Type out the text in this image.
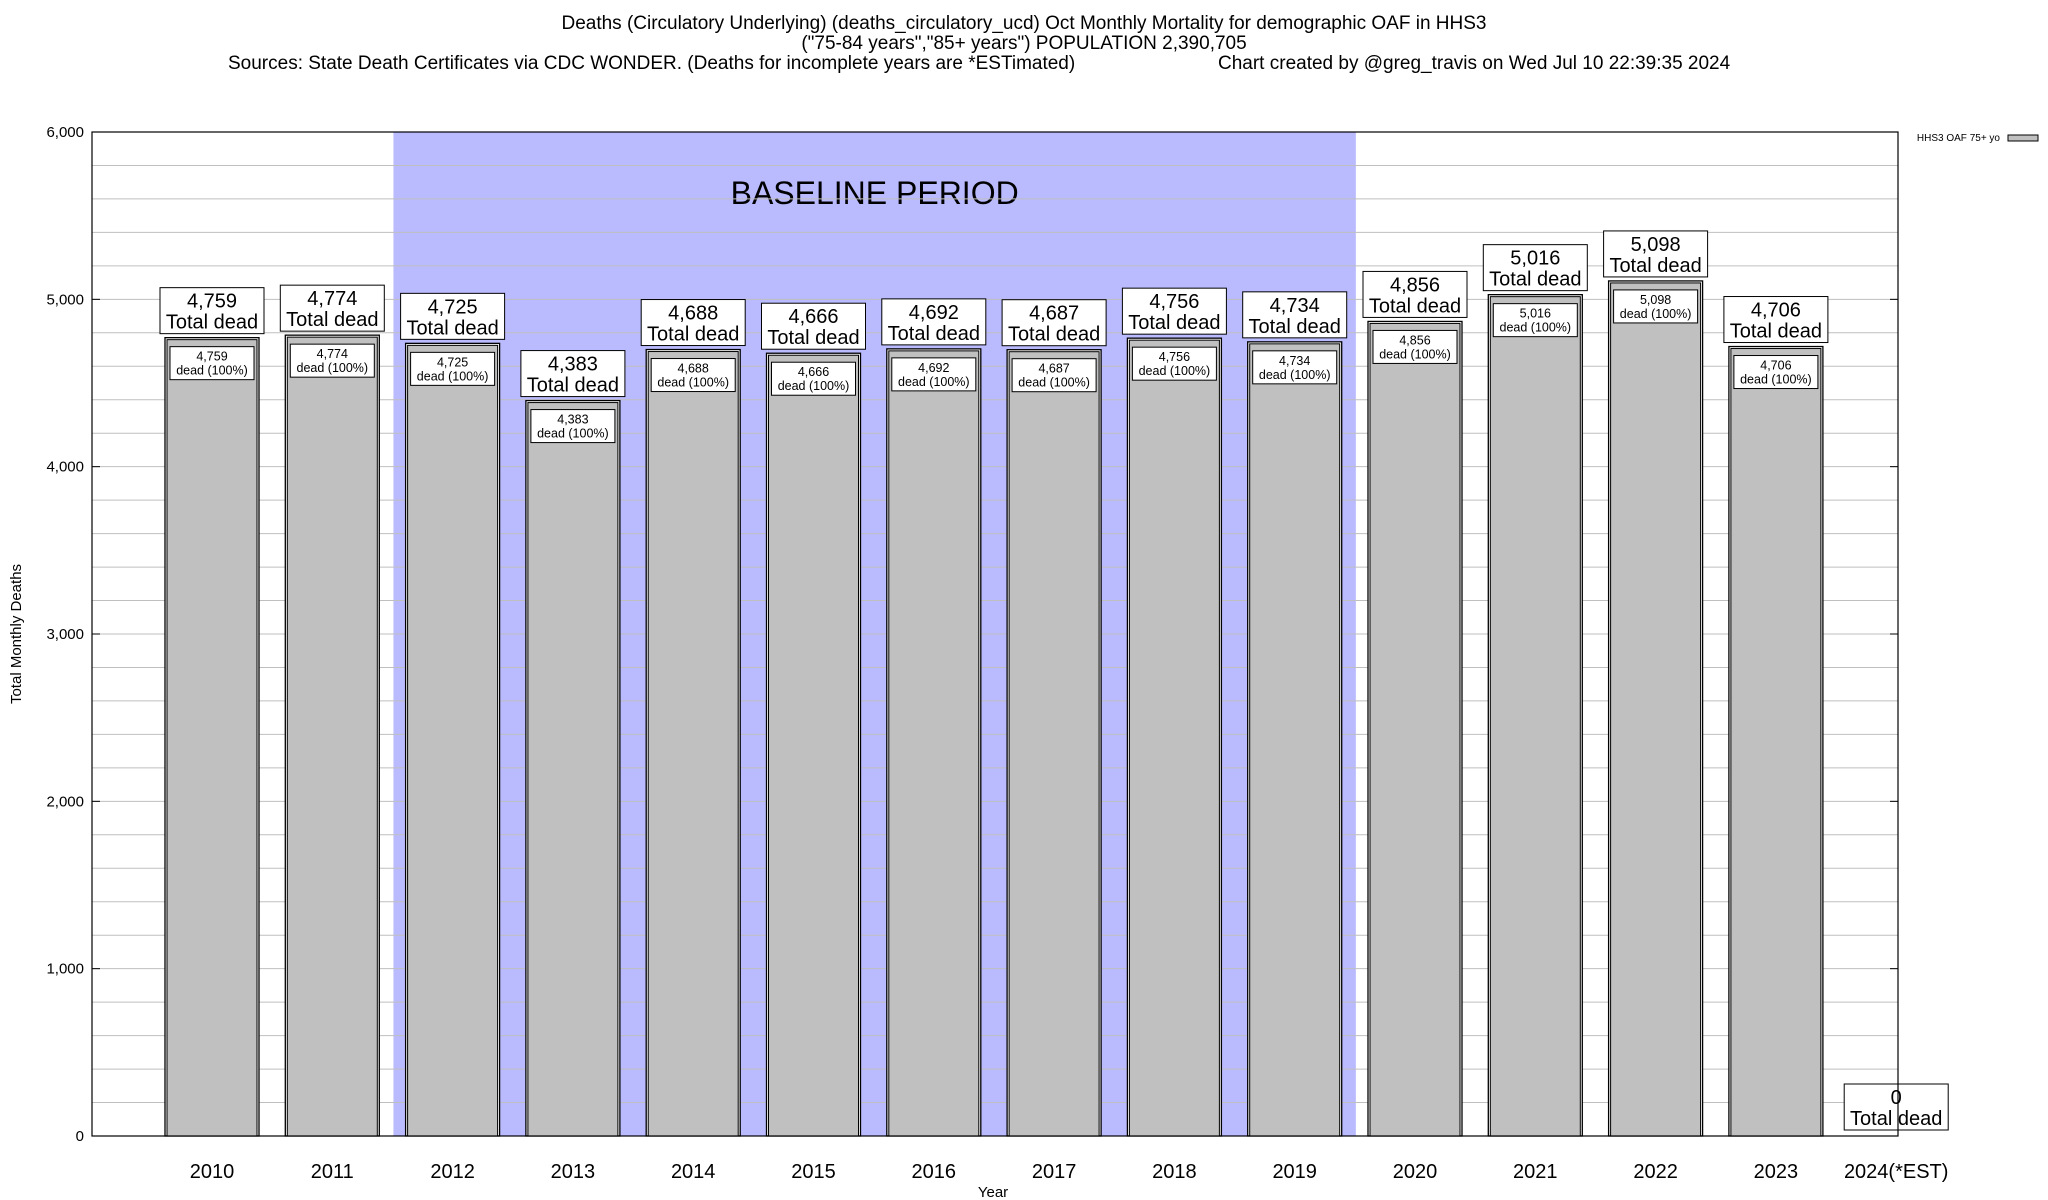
Deaths (Circulatory Underlying) (deaths_circulatory_ucd) Oct Monthly Mortality for demographic OAF in HHS3
("75-84 years","85+ years") POPULATION 2,390,705
Sources: State Death Certificates via CDC WONDER. (Deaths for incomplete years are *ESTimated)	Chart created by @greg_travis on Wed Jul 10 22:39:35 2024
BASELINE PERIOD
4,759
dead (100%)
4,759
Total dead
4,774
dead (100%)
4,774
Total dead
4,725
dead (100%)
4,725
Total dead
4,383
dead (100%)
4,383
Total dead
4,688
dead (100%)
4,688
Total dead
4,666
dead (100%)
4,666
Total dead
4,692
dead (100%)
4,692
Total dead
4,687
dead (100%)
4,687
Total dead
4,756
dead (100%)
4,756
Total dead
4,734
dead (100%)
4,734
Total dead
4,856
dead (100%)
4,856
Total dead	5,016
dead (100%)
5,016
Total dead
5,098
dead (100%)
5,098
Total dead
4,706
dead (100%)
4,706
Total dead
0
Total dead
2010	2011	2012	2013	2014	2015	2016	2017	2018	2019	2020	2021	2022	2023 2024(*EST)
0
1,000
2,000
3,000
4,000
5,000
6,000
Year
Total Monthly Deaths
HHS3 OAF 75+ yo
